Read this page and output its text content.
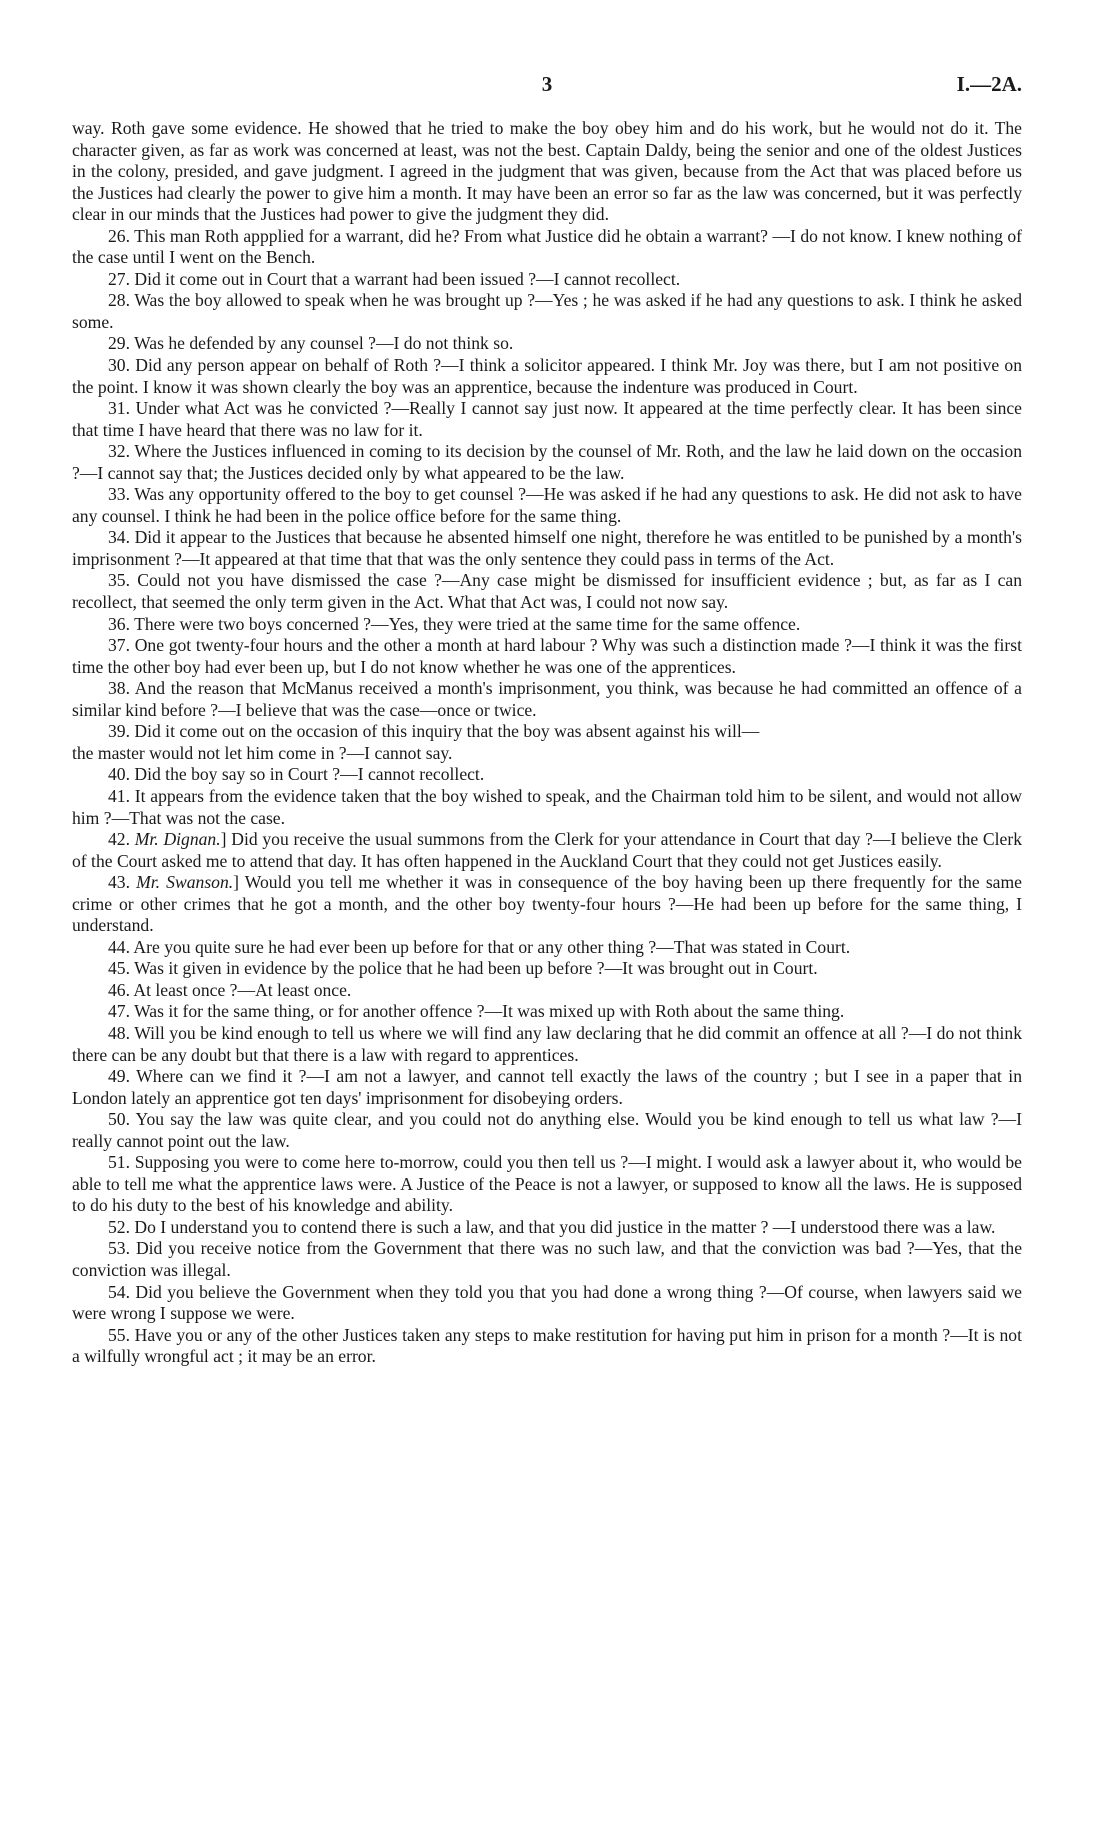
3	I.—2A.

way. Roth gave some evidence. He showed that he tried to make the boy obey him and do his work, but he would not do it. The character given, as far as work was concerned at least, was not the best. Captain Daldy, being the senior and one of the oldest Justices in the colony, presided, and gave judgment. I agreed in the judgment that was given, because from the Act that was placed before us the Justices had clearly the power to give him a month. It may have been an error so far as the law was concerned, but it was perfectly clear in our minds that the Justices had power to give the judgment they did.

26. This man Roth appplied for a warrant, did he? From what Justice did he obtain a warrant? —I do not know. I knew nothing of the case until I went on the Bench.

27. Did it come out in Court that a warrant had been issued ?—I cannot recollect.

28. Was the boy allowed to speak when he was brought up ?—Yes ; he was asked if he had any questions to ask. I think he asked some.

29. Was he defended by any counsel ?—I do not think so.

30. Did any person appear on behalf of Roth ?—I think a solicitor appeared. I think Mr. Joy was there, but I am not positive on the point. I know it was shown clearly the boy was an apprentice, because the indenture was produced in Court.

31. Under what Act was he convicted ?—Really I cannot say just now. It appeared at the time perfectly clear. It has been since that time I have heard that there was no law for it.

32. Where the Justices influenced in coming to its decision by the counsel of Mr. Roth, and the law he laid down on the occasion ?—I cannot say that; the Justices decided only by what appeared to be the law.

33. Was any opportunity offered to the boy to get counsel ?—He was asked if he had any questions to ask. He did not ask to have any counsel. I think he had been in the police office before for the same thing.

34. Did it appear to the Justices that because he absented himself one night, therefore he was entitled to be punished by a month's imprisonment ?—It appeared at that time that that was the only sentence they could pass in terms of the Act.

35. Could not you have dismissed the case ?—Any case might be dismissed for insufficient evidence ; but, as far as I can recollect, that seemed the only term given in the Act. What that Act was, I could not now say.

36. There were two boys concerned ?—Yes, they were tried at the same time for the same offence.

37. One got twenty-four hours and the other a month at hard labour ? Why was such a distinction made ?—I think it was the first time the other boy had ever been up, but I do not know whether he was one of the apprentices.

38. And the reason that McManus received a month's imprisonment, you think, was because he had committed an offence of a similar kind before ?—I believe that was the case—once or twice.

39. Did it come out on the occasion of this inquiry that the boy was absent against his will—

the master would not let him come in ?—I cannot say.

40. Did the boy say so in Court ?—I cannot recollect.

41. It appears from the evidence taken that the boy wished to speak, and the Chairman told him to be silent, and would not allow him ?—That was not the case.

42. Mr. Dignan.] Did you receive the usual summons from the Clerk for your attendance in Court that day ?—I believe the Clerk of the Court asked me to attend that day. It has often happened in the Auckland Court that they could not get Justices easily.

43. Mr. Swanson.] Would you tell me whether it was in consequence of the boy having been up there frequently for the same crime or other crimes that he got a month, and the other boy twenty-four hours ?—He had been up before for the same thing, I understand.

44. Are you quite sure he had ever been up before for that or any other thing ?—That was stated in Court.

45. Was it given in evidence by the police that he had been up before ?—It was brought out in Court.

46. At least once ?—At least once.

47. Was it for the same thing, or for another offence ?—It was mixed up with Roth about the same thing.

48. Will you be kind enough to tell us where we will find any law declaring that he did commit an offence at all ?—I do not think there can be any doubt but that there is a law with regard to apprentices.

49. Where can we find it ?—I am not a lawyer, and cannot tell exactly the laws of the country ; but I see in a paper that in London lately an apprentice got ten days' imprisonment for disobeying orders.

50. You say the law was quite clear, and you could not do anything else. Would you be kind enough to tell us what law ?—I really cannot point out the law.

51. Supposing you were to come here to-morrow, could you then tell us ?—I might. I would ask a lawyer about it, who would be able to tell me what the apprentice laws were. A Justice of the Peace is not a lawyer, or supposed to know all the laws. He is supposed to do his duty to the best of his knowledge and ability.

52. Do I understand you to contend there is such a law, and that you did justice in the matter ? —I understood there was a law.

53. Did you receive notice from the Government that there was no such law, and that the conviction was bad ?—Yes, that the conviction was illegal.

54. Did you believe the Government when they told you that you had done a wrong thing ?—Of course, when lawyers said we were wrong I suppose we were.

55. Have you or any of the other Justices taken any steps to make restitution for having put him in prison for a month ?—It is not a wilfully wrongful act ; it may be an error.
